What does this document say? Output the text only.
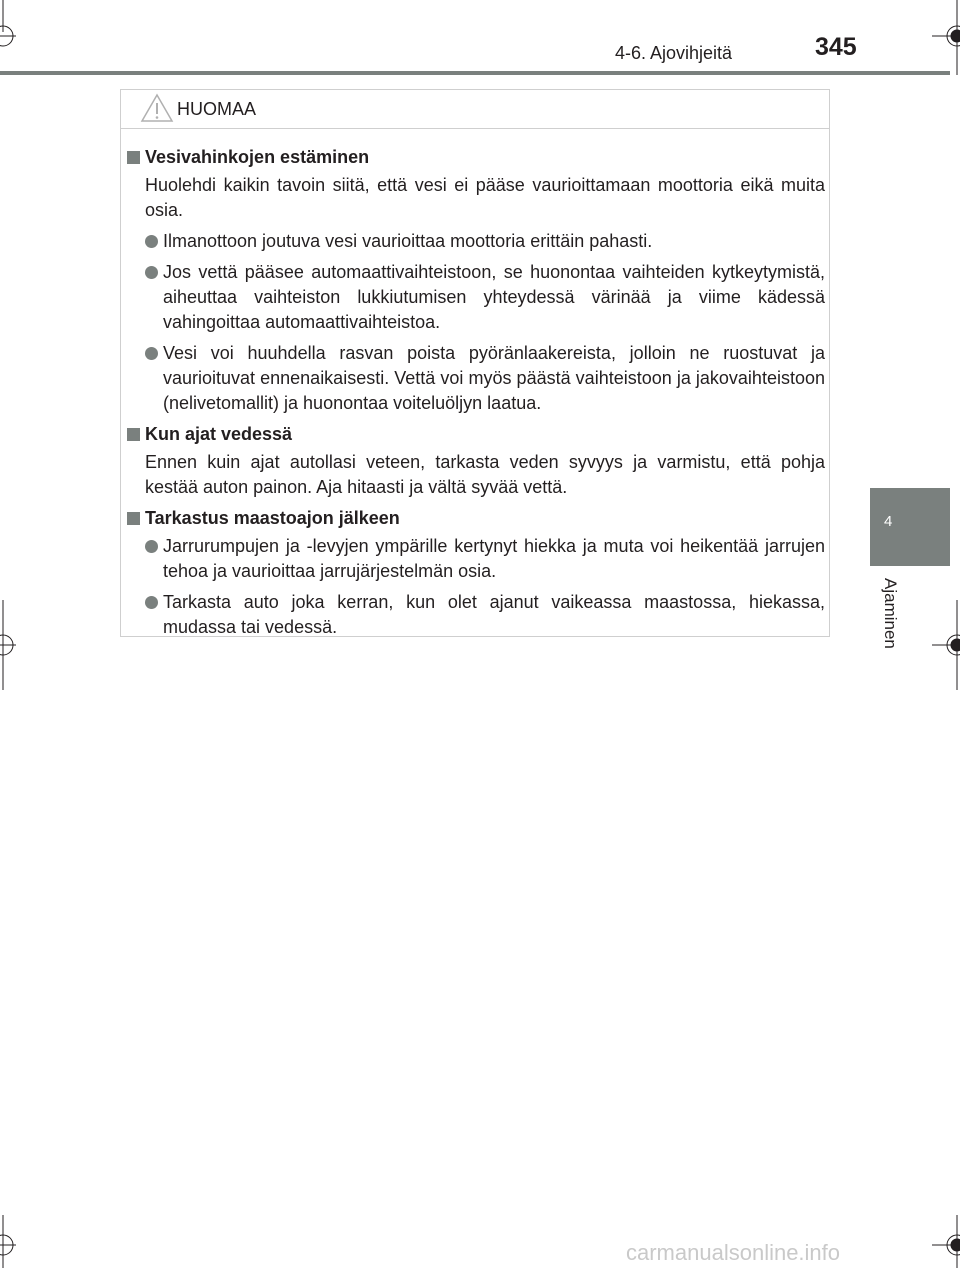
4-6. Ajovihjeitä	345
4
Ajaminen
HUOMAA
Vesivahinkojen estäminen
Huolehdi kaikin tavoin siitä, että vesi ei pääse vaurioittamaan moottoria eikä muita osia.
Ilmanottoon joutuva vesi vaurioittaa moottoria erittäin pahasti.
Jos vettä pääsee automaattivaihteistoon, se huonontaa vaihteiden kytkeytymistä, aiheuttaa vaihteiston lukkiutumisen yhteydessä värinää ja viime kädessä vahingoittaa automaattivaihteistoa.
Vesi voi huuhdella rasvan poista pyöränlaakereista, jolloin ne ruostuvat ja vaurioituvat ennenaikaisesti. Vettä voi myös päästä vaihteistoon ja jakovaihteistoon (nelivetomallit) ja huonontaa voiteluöljyn laatua.
Kun ajat vedessä
Ennen kuin ajat autollasi veteen, tarkasta veden syvyys ja varmistu, että pohja kestää auton painon. Aja hitaasti ja vältä syvää vettä.
Tarkastus maastoajon jälkeen
Jarrurumpujen ja -levyjen ympärille kertynyt hiekka ja muta voi heikentää jarrujen tehoa ja vaurioittaa jarrujärjestelmän osia.
Tarkasta auto joka kerran, kun olet ajanut vaikeassa maastossa, hiekassa, mudassa tai vedessä.
carmanualsonline.info
